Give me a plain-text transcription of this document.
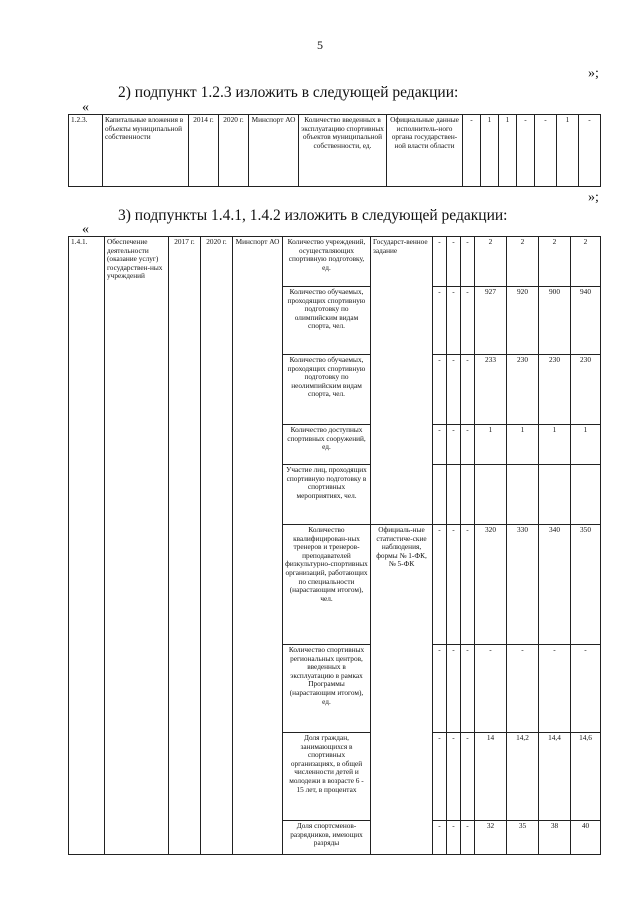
5
»;
2) подпункт 1.2.3 изложить в следующей редакции:
«
1.2.3.	Капитальные вложения в объекты муниципальной собственности	2014 г.	2020 г.	Минспорт АО	Количество введенных в эксплуатацию спортивных объектов муниципальной собственности, ед.	Официальные данные исполнитель-ного органа государствен-ной власти области	-	1	1	-	-	1	-
»;
3) подпункты 1.4.1, 1.4.2 изложить в следующей редакции:
«
1.4.1.	Обеспечение деятельности (оказание услуг) государствен-ных учреждений	2017 г.	2020 г.	Минспорт АО	Количество учреждений, осуществляющих спортивную подготовку, ед.	Государст-венное задание	-	-	-	2	2	2	2
					Количество обучаемых, проходящих спортивную подготовку по олимпийским видам спорта, чел.		-	-	-	927	920	900	940
					Количество обучаемых, проходящих спортивную подготовку по неолимпийским видам спорта, чел.		-	-	-	233	230	230	230
					Количество доступных спортивных сооружений, ед.		-	-	-	1	1	1	1
					Участие лиц, проходящих спортивную подготовку в спортивных мероприятиях, чел.								
					Количество квалифицирован-ных тренеров и тренеров-преподавателей физкультурно-спортивных организаций, работающих по специальности (нарастающим итогом), чел.	Официаль-ные статистиче-ские наблюдения, формы № 1-ФК, № 5-ФК	-	-	-	320	330	340	350
					Количество спортивных региональных центров, введенных в эксплуатацию в рамках Программы (нарастающим итогом), ед.		-	-	-	-	-	-	-
					Доля граждан, занимающихся в спортивных организациях, в общей численности детей и молодежи в возрасте 6 - 15 лет, в процентах		-	-	-	14	14,2	14,4	14,6
					Доля спортсменов-разрядников, имеющих разряды		-	-	-	32	35	38	40
